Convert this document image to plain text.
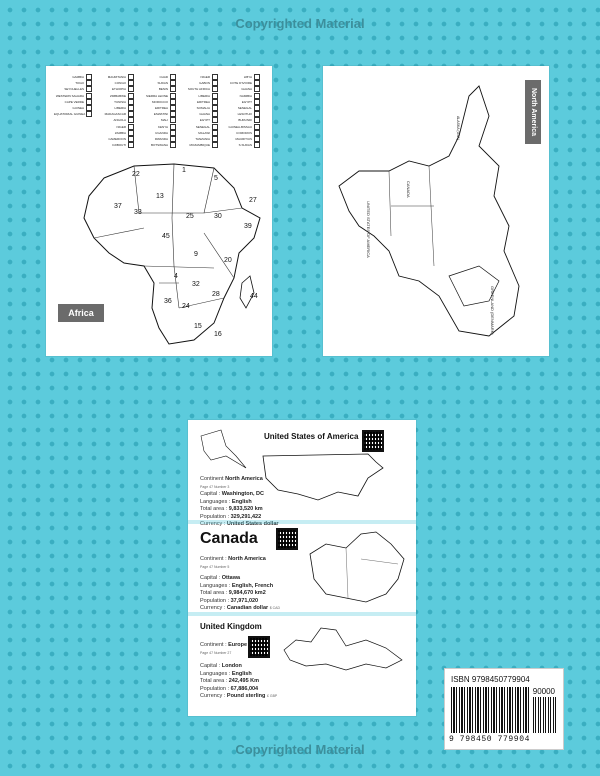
Copyrighted Material
GAMBIA
TOGO
SEYCHELLES
WESTERN SAHARA
CAPE VERDE
GUINEA
EQUATORIAL GUINEA
MAURITANIA
CONGO
ETHIOPIA
ZIMBABWE
TUNISIA
LIBERIA
MADAGASCAR
ANGOLA
NIGER
ZAMBIA
CAMEROON
DJIBOUTI
CHAD
SUDAN
BENIN
SIERRA LEONE
MOROCCO
ERITREA
ESWATINI
MALI
KENYA
UGANDA
RWANDA
BOTSWANA
NIGER
GABON
SOUTH AFRICA
LIBERIA
ERITREA
SOMALIA
GHANA
EGYPT
SENEGAL
MALAWI
TANZANIA
MOZAMBIQUE
LIBYA
COTE D'IVOIRE
GHANA
NAMIBIA
EGYPT
SENEGAL
LESOTHO
BURUNDI
GUINEA-BISSAU
COMOROS
MAURITIUS
S.SUDAN
22
1
5
37
33
13
25	30
45
27
39
9
20
4
32
28
36
24
44
15
16
Africa
UNITED STATES OF AMERICA
CANADA
GREENLAND (DENMARK)
ALASKA (USA)	North America
United States of America
Continent North America
Page 47 Number 3
Capital : Washington, DC
Languages : English
Total area : 9,833,520 km
Population : 329,291,422
Currency : United States dollar
Canada
Continent : North America
Page 47 Number 5
Capital : Ottawa
Languages : English, French
Total area : 9,984,670 km2
Population : 37,971,020
Currency : Canadian dollar $ CAD
United Kingdom
Continent : Europe
Page 47 Number 27
Capital : London
Languages : English
Total area : 242,495 Km
Population : 67,886,004
Currency : Pound sterling £ GBP
ISBN 9798450779904
90000
9 798450 779904
Copyrighted Material
